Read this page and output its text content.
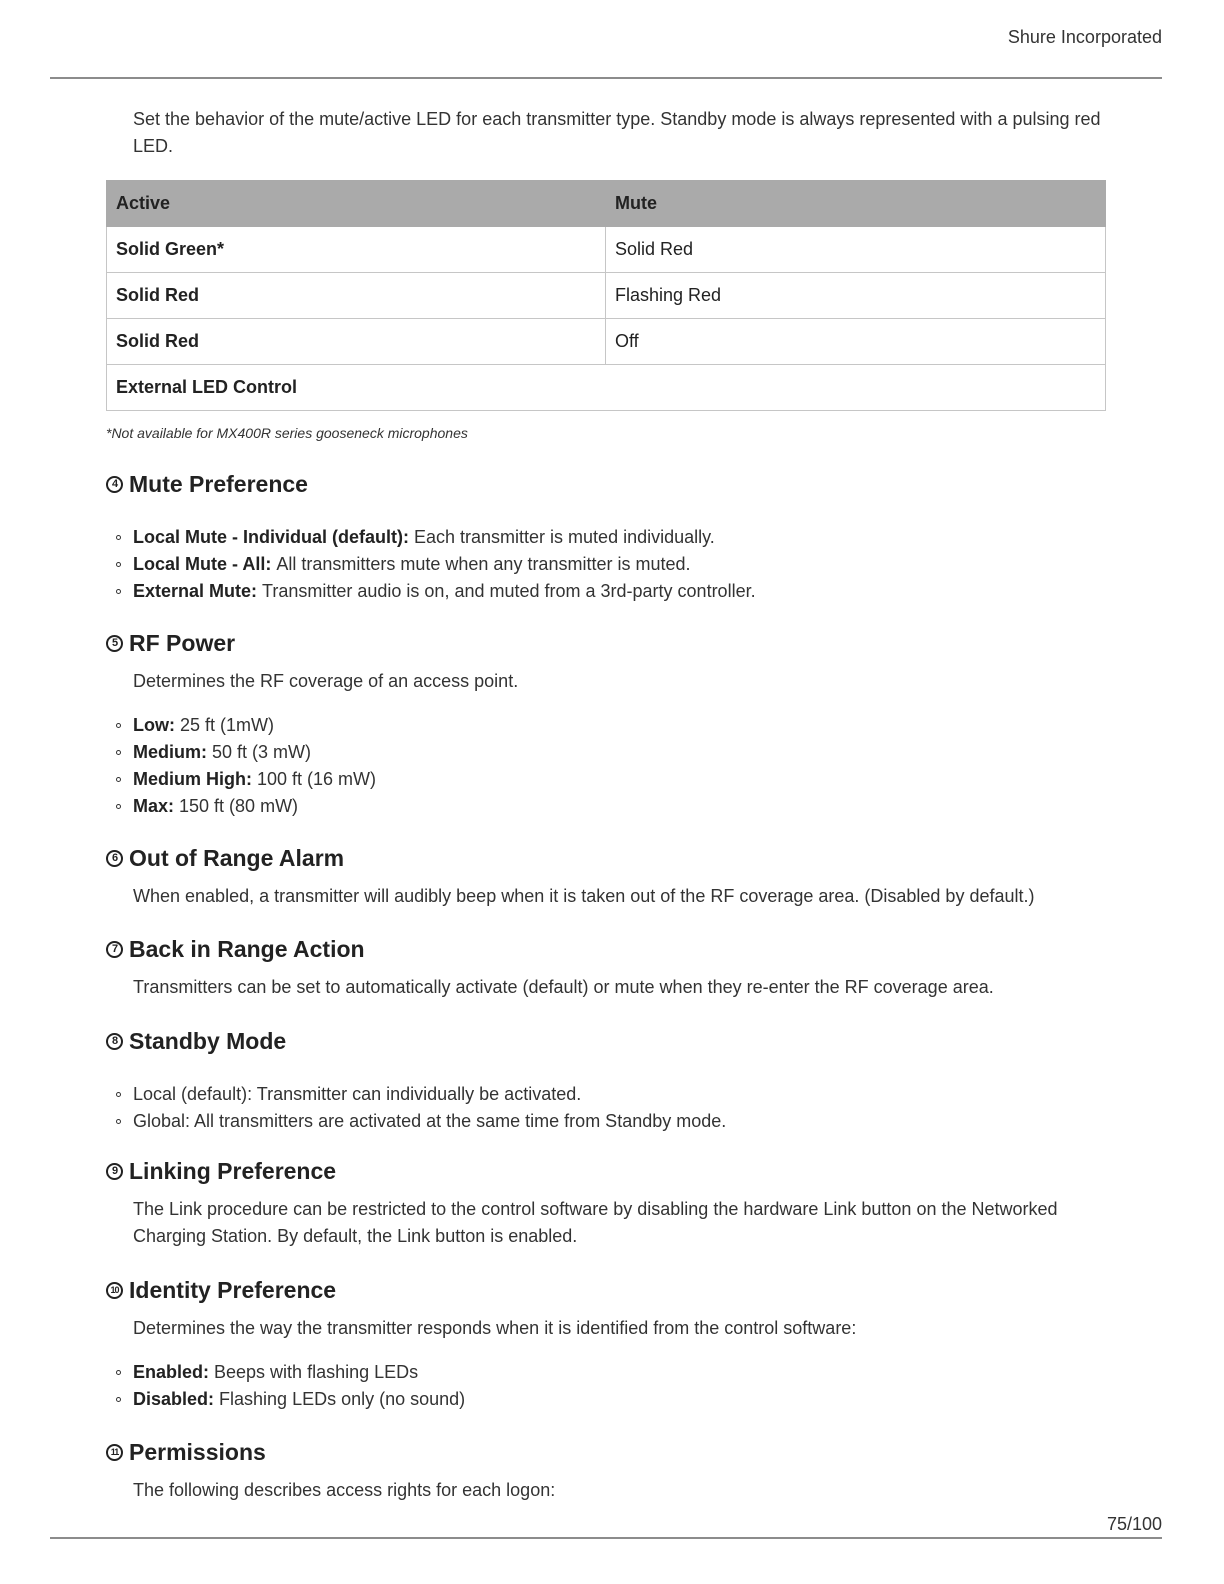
Shure Incorporated

Set the behavior of the mute/active LED for each transmitter type. Standby mode is always represented with a pulsing red LED.

Active	Mute
Solid Green*	Solid Red
Solid Red	Flashing Red
Solid Red	Off
External LED Control	

*Not available for MX400R series gooseneck microphones

4 Mute Preference
Local Mute - Individual (default): Each transmitter is muted individually.
Local Mute - All: All transmitters mute when any transmitter is muted.
External Mute: Transmitter audio is on, and muted from a 3rd-party controller.
5 RF Power

Determines the RF coverage of an access point.

Low: 25 ft (1mW)
Medium: 50 ft (3 mW)
Medium High: 100 ft (16 mW)
Max: 150 ft (80 mW)
6 Out of Range Alarm

When enabled, a transmitter will audibly beep when it is taken out of the RF coverage area. (Disabled by default.)

7 Back in Range Action

Transmitters can be set to automatically activate (default) or mute when they re-enter the RF coverage area.

8 Standby Mode
Local (default): Transmitter can individually be activated.
Global: All transmitters are activated at the same time from Standby mode.
9 Linking Preference

The Link procedure can be restricted to the control software by disabling the hardware Link button on the Networked Charging Station. By default, the Link button is enabled.

10 Identity Preference

Determines the way the transmitter responds when it is identified from the control software:

Enabled: Beeps with flashing LEDs
Disabled: Flashing LEDs only (no sound)
11 Permissions

The following describes access rights for each logon:

75/100
